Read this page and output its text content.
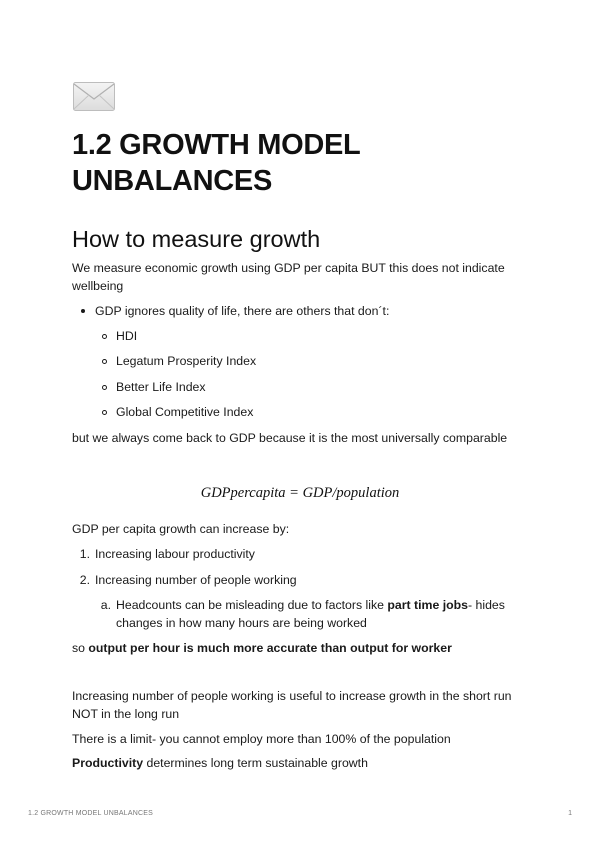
1.2 GROWTH MODEL UNBALANCES
How to measure growth

We measure economic growth using GDP per capita BUT this does not indicate wellbeing

GDP ignores quality of life, there are others that don´t:

HDI

Legatum Prosperity Index

Better Life Index

Global Competitive Index

but we always come back to GDP because it is the most universally comparable

GDPpercapita = GDP/population

GDP per capita growth can increase by:

1. Increasing labour productivity

2. Increasing number of people working

a. Headcounts can be misleading due to factors like part time jobs- hides changes in how many hours are being worked

so output per hour is much more accurate than output for worker

Increasing number of people working is useful to increase growth in the short run NOT in the long run

There is a limit- you cannot employ more than 100% of the population

Productivity determines long term sustainable growth

1.2 GROWTH MODEL UNBALANCES	1
